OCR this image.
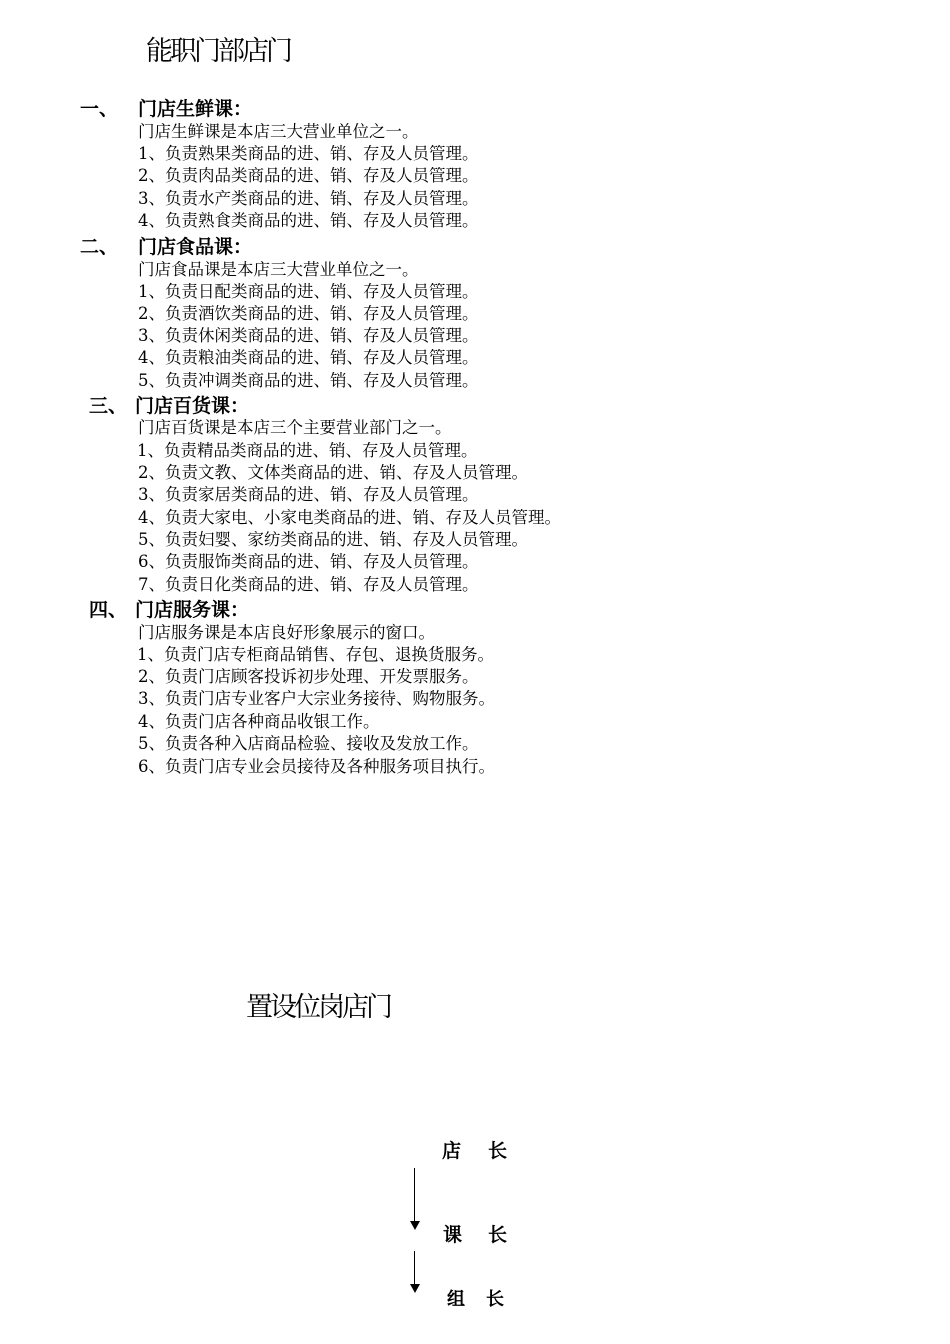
能职门部店门
一、 门店生鲜课：
门店生鲜课是本店三大营业单位之一。
1、负责熟果类商品的进、销、存及人员管理。
2、负责肉品类商品的进、销、存及人员管理。
3、负责水产类商品的进、销、存及人员管理。
4、负责熟食类商品的进、销、存及人员管理。
二、 门店食品课：
门店食品课是本店三大营业单位之一。
1、负责日配类商品的进、销、存及人员管理。
2、负责酒饮类商品的进、销、存及人员管理。
3、负责休闲类商品的进、销、存及人员管理。
4、负责粮油类商品的进、销、存及人员管理。
5、负责冲调类商品的进、销、存及人员管理。
三、 门店百货课：
门店百货课是本店三个主要营业部门之一。
1、负责精品类商品的进、销、存及人员管理。
2、负责文教、文体类商品的进、销、存及人员管理。
3、负责家居类商品的进、销、存及人员管理。
4、负责大家电、小家电类商品的进、销、存及人员管理。
5、负责妇婴、家纺类商品的进、销、存及人员管理。
6、负责服饰类商品的进、销、存及人员管理。
7、负责日化类商品的进、销、存及人员管理。
四、 门店服务课：
门店服务课是本店良好形象展示的窗口。
1、负责门店专柜商品销售、存包、退换货服务。
2、负责门店顾客投诉初步处理、开发票服务。
3、负责门店专业客户大宗业务接待、购物服务。
4、负责门店各种商品收银工作。
5、负责各种入店商品检验、接收及发放工作。
6、负责门店专业会员接待及各种服务项目执行。
置设位岗店门
店 长
课 长
组 长
